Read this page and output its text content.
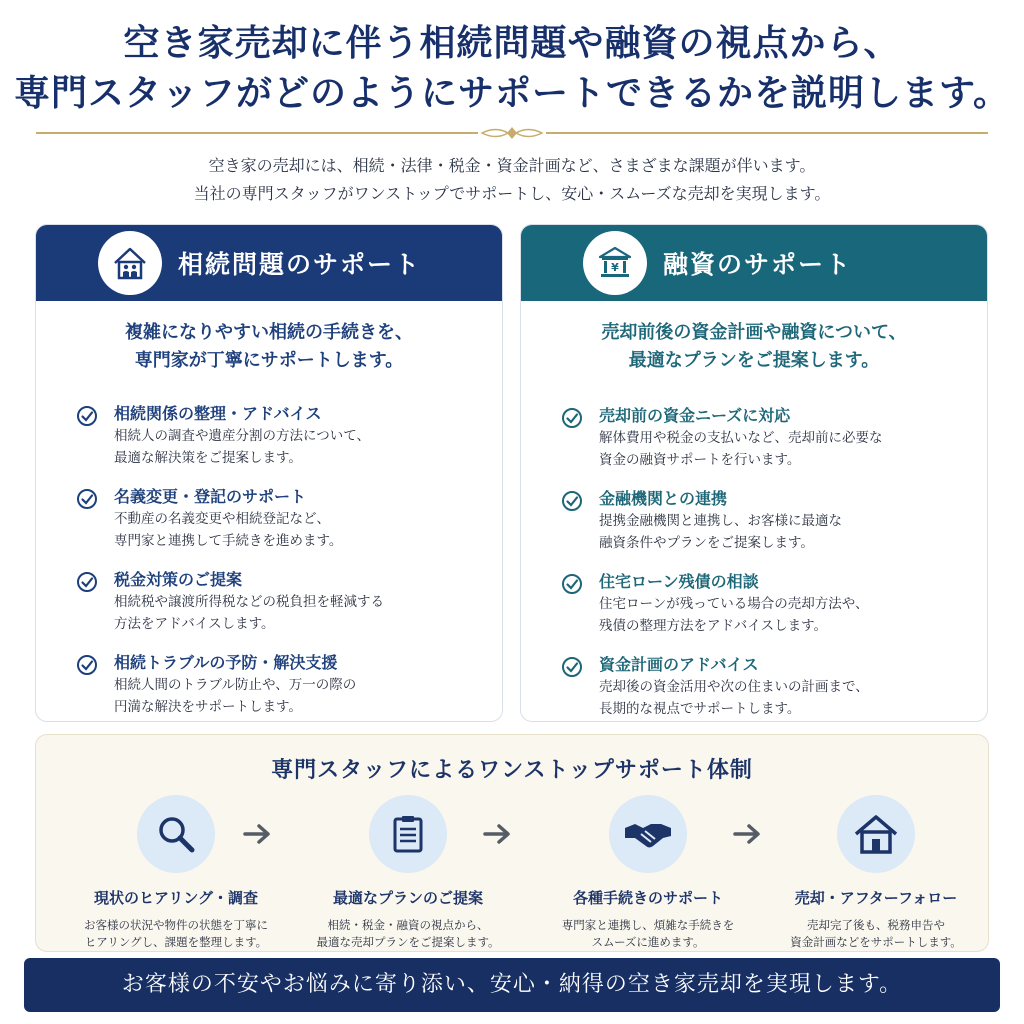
空き家売却に伴う相続問題や融資の視点から、
専門スタッフがどのようにサポートできるかを説明します。
空き家の売却には、相続・法律・税金・資金計画など、さまざまな課題が伴います。
当社の専門スタッフがワンストップでサポートし、安心・スムーズな売却を実現します。
相続問題のサポート
複雑になりやすい相続の手続きを、
専門家が丁寧にサポートします。
相続関係の整理・アドバイス
相続人の調査や遺産分割の方法について、
最適な解決策をご提案します。
名義変更・登記のサポート
不動産の名義変更や相続登記など、
専門家と連携して手続きを進めます。
税金対策のご提案
相続税や譲渡所得税などの税負担を軽減する
方法をアドバイスします。
相続トラブルの予防・解決支援
相続人間のトラブル防止や、万一の際の
円満な解決をサポートします。
¥ 融資のサポート
売却前後の資金計画や融資について、
最適なプランをご提案します。
売却前の資金ニーズに対応
解体費用や税金の支払いなど、売却前に必要な
資金の融資サポートを行います。
金融機関との連携
提携金融機関と連携し、お客様に最適な
融資条件やプランをご提案します。
住宅ローン残債の相談
住宅ローンが残っている場合の売却方法や、
残債の整理方法をアドバイスします。
資金計画のアドバイス
売却後の資金活用や次の住まいの計画まで、
長期的な視点でサポートします。
専門スタッフによるワンストップサポート体制
現状のヒアリング・調査
お客様の状況や物件の状態を丁寧に
ヒアリングし、課題を整理します。
最適なプランのご提案
相続・税金・融資の視点から、
最適な売却プランをご提案します。
各種手続きのサポート
専門家と連携し、煩雑な手続きを
スムーズに進めます。
売却・アフターフォロー
売却完了後も、税務申告や
資金計画などをサポートします。
お客様の不安やお悩みに寄り添い、安心・納得の空き家売却を実現します。
